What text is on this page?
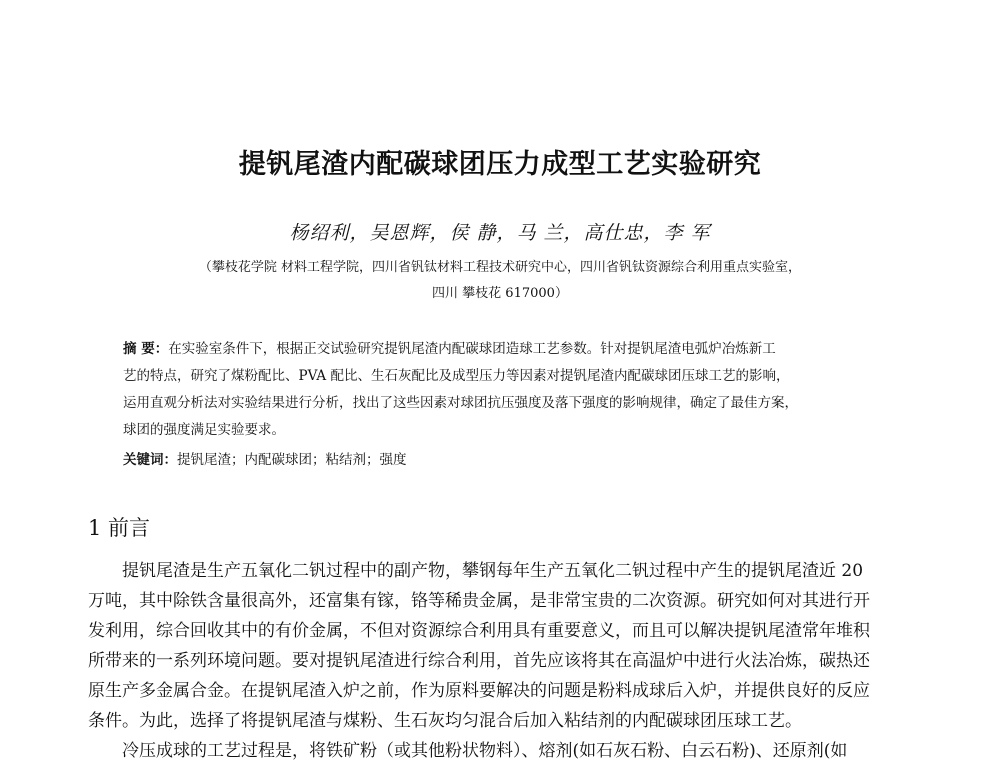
提钒尾渣内配碳球团压力成型工艺实验研究
杨绍利，吴恩辉，侯 静，马 兰，高仕忠，李 军
（攀枝花学院 材料工程学院，四川省钒钛材料工程技术研究中心，四川省钒钛资源综合利用重点实验室，
四川 攀枝花 617000）
摘 要：在实验室条件下，根据正交试验研究提钒尾渣内配碳球团造球工艺参数。针对提钒尾渣电弧炉冶炼新工
艺的特点，研究了煤粉配比、PVA 配比、生石灰配比及成型压力等因素对提钒尾渣内配碳球团压球工艺的影响，
运用直观分析法对实验结果进行分析，找出了这些因素对球团抗压强度及落下强度的影响规律，确定了最佳方案，
球团的强度满足实验要求。
关键词：提钒尾渣；内配碳球团；粘结剂；强度
1 前言
提钒尾渣是生产五氧化二钒过程中的副产物，攀钢每年生产五氧化二钒过程中产生的提钒尾渣近 20
万吨，其中除铁含量很高外，还富集有镓，铬等稀贵金属，是非常宝贵的二次资源。研究如何对其进行开
发利用，综合回收其中的有价金属，不但对资源综合利用具有重要意义，而且可以解决提钒尾渣常年堆积
所带来的一系列环境问题。要对提钒尾渣进行综合利用，首先应该将其在高温炉中进行火法冶炼，碳热还
原生产多金属合金。在提钒尾渣入炉之前，作为原料要解决的问题是粉料成球后入炉，并提供良好的反应
条件。为此，选择了将提钒尾渣与煤粉、生石灰均匀混合后加入粘结剂的内配碳球团压球工艺。
冷压成球的工艺过程是，将铁矿粉（或其他粉状物料）、熔剂(如石灰石粉、白云石粉)、还原剂(如
